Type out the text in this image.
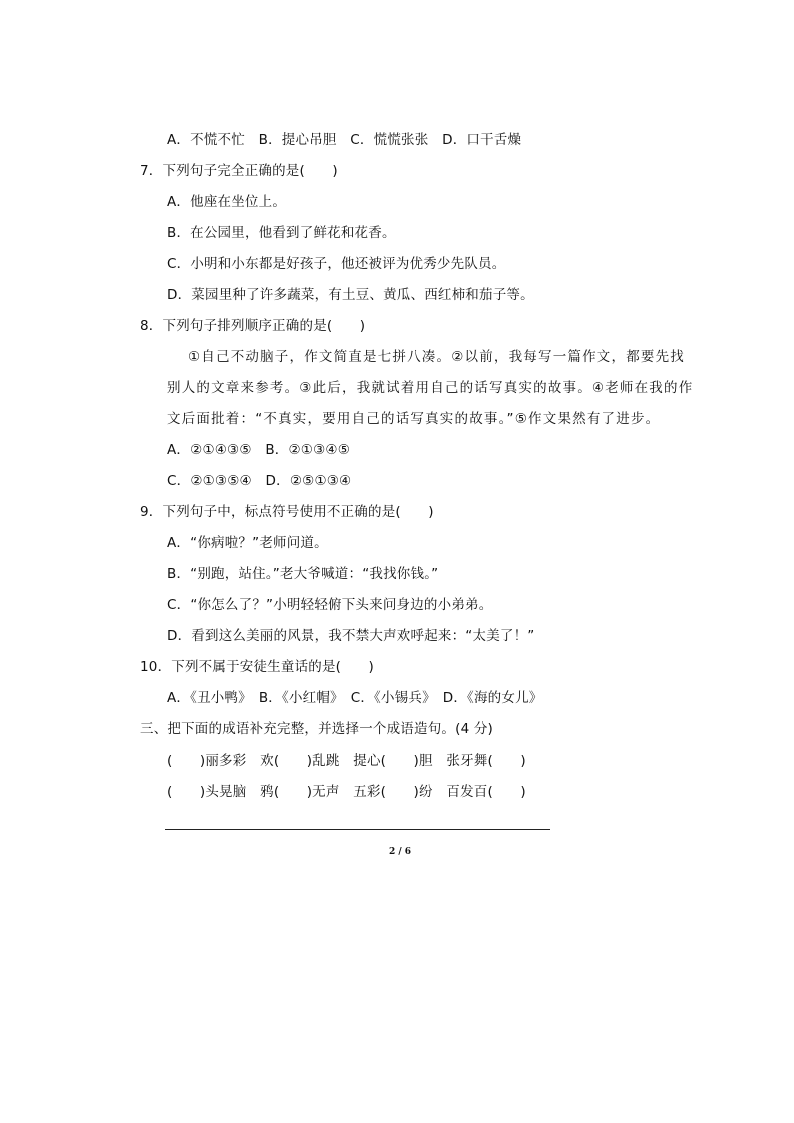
A．不慌不忙　B．提心吊胆　C．慌慌张张　D．口干舌燥
7．下列句子完全正确的是(　　)
A．他座在坐位上。
B．在公园里，他看到了鲜花和花香。
C．小明和小东都是好孩子，他还被评为优秀少先队员。
D．菜园里种了许多蔬菜，有土豆、黄瓜、西红柿和茄子等。
8．下列句子排列顺序正确的是(　　)
①自己不动脑子，作文简直是七拼八凑。②以前，我每写一篇作文，都要先找
别人的文章来参考。③此后，我就试着用自己的话写真实的故事。④老师在我的作
文后面批着：“不真实，要用自己的话写真实的故事。”⑤作文果然有了进步。
A．②①④③⑤　B．②①③④⑤
C．②①③⑤④　D．②⑤①③④
9．下列句子中，标点符号使用不正确的是(　　)
A．“你病啦？”老师问道。
B．“别跑，站住。”老大爷喊道：“我找你钱。”
C．“你怎么了？”小明轻轻俯下头来问身边的小弟弟。
D．看到这么美丽的风景，我不禁大声欢呼起来：“太美了！”
10．下列不属于安徒生童话的是(　　)
A．《丑小鸭》　B．《小红帽》　C．《小锡兵》　D．《海的女儿》
三、把下面的成语补充完整，并选择一个成语造句。(4 分)
(　　)丽多彩　欢(　　)乱跳　提心(　　)胆　张牙舞(　　)
(　　)头晃脑　鸦(　　)无声　五彩(　　)纷　百发百(　　)
2 / 6
